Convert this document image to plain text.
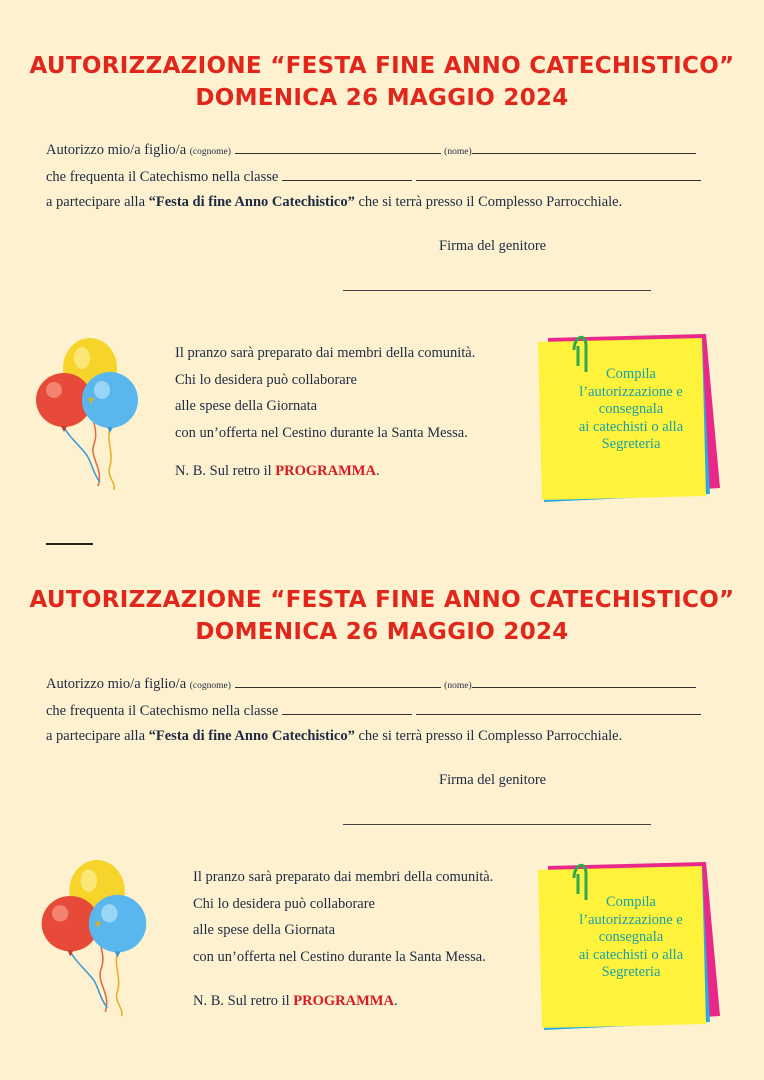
AUTORIZZAZIONE “FESTA FINE ANNO CATECHISTICO”
DOMENICA 26 MAGGIO 2024
Autorizzo mio/a figlio/a (cognome)	(nome)
che frequenta il Catechismo nella classe
a partecipare alla “Festa di fine Anno Catechistico” che si terrà presso il Complesso Parrocchiale.
Firma del genitore
Il pranzo sarà preparato dai membri della comunità.
Chi lo desidera può collaborare
alle spese della Giornata
con un’offerta nel Cestino durante la Santa Messa.
N. B. Sul retro il PROGRAMMA.
Compila
l’autorizzazione e
consegnala
ai catechisti o alla
Segreteria
AUTORIZZAZIONE “FESTA FINE ANNO CATECHISTICO”
DOMENICA 26 MAGGIO 2024
Autorizzo mio/a figlio/a (cognome)	(nome)
che frequenta il Catechismo nella classe
a partecipare alla “Festa di fine Anno Catechistico” che si terrà presso il Complesso Parrocchiale.
Firma del genitore
Il pranzo sarà preparato dai membri della comunità.
Chi lo desidera può collaborare
alle spese della Giornata
con un’offerta nel Cestino durante la Santa Messa.
N. B. Sul retro il PROGRAMMA.
Compila
l’autorizzazione e
consegnala
ai catechisti o alla
Segreteria
